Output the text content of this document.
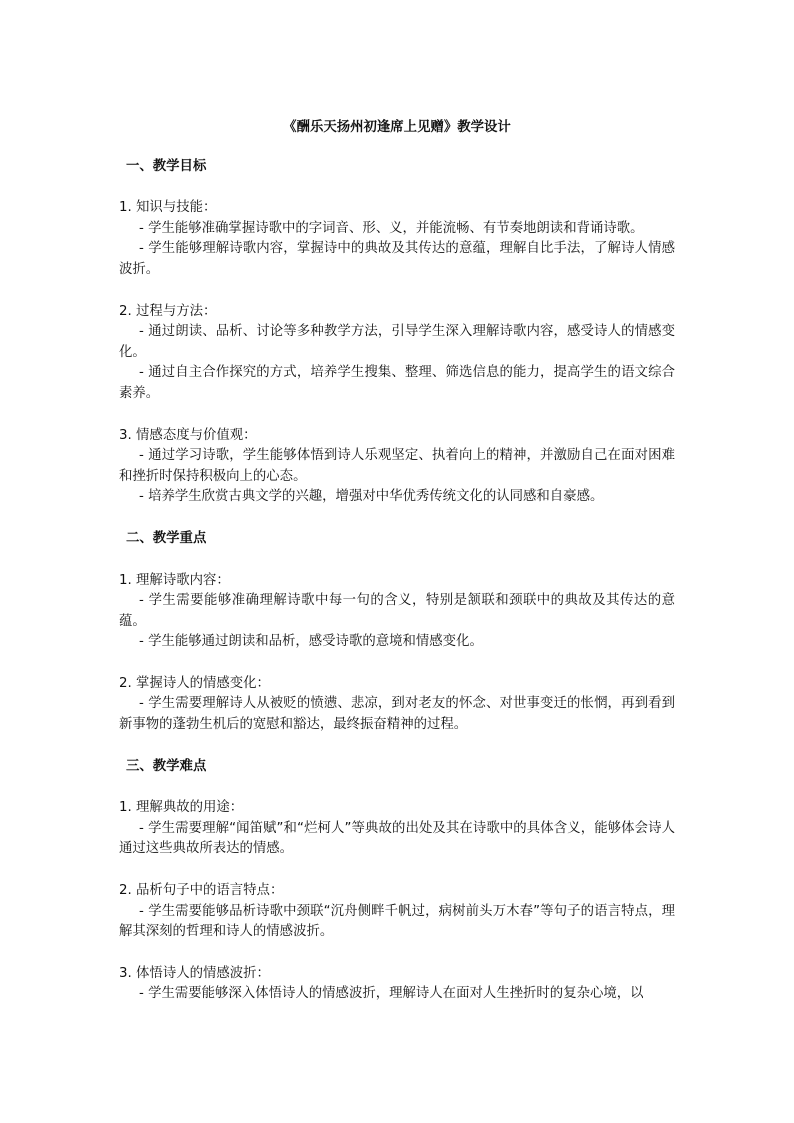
《酬乐天扬州初逢席上见赠》教学设计
一、教学目标

1. 知识与技能：

- 学生能够准确掌握诗歌中的字词音、形、义，并能流畅、有节奏地朗读和背诵诗歌。

- 学生能够理解诗歌内容，掌握诗中的典故及其传达的意蕴，理解自比手法，了解诗人情感波折。

2. 过程与方法：

- 通过朗读、品析、讨论等多种教学方法，引导学生深入理解诗歌内容，感受诗人的情感变化。

- 通过自主合作探究的方式，培养学生搜集、整理、筛选信息的能力，提高学生的语文综合素养。

3. 情感态度与价值观：

- 通过学习诗歌，学生能够体悟到诗人乐观坚定、执着向上的精神，并激励自己在面对困难和挫折时保持积极向上的心态。

- 培养学生欣赏古典文学的兴趣，增强对中华优秀传统文化的认同感和自豪感。

二、教学重点

1. 理解诗歌内容：

- 学生需要能够准确理解诗歌中每一句的含义，特别是颔联和颈联中的典故及其传达的意蕴。

- 学生能够通过朗读和品析，感受诗歌的意境和情感变化。

2. 掌握诗人的情感变化：

- 学生需要理解诗人从被贬的愤懑、悲凉，到对老友的怀念、对世事变迁的怅惘，再到看到新事物的蓬勃生机后的宽慰和豁达，最终振奋精神的过程。

三、教学难点

1. 理解典故的用途：

- 学生需要理解“闻笛赋”和“烂柯人”等典故的出处及其在诗歌中的具体含义，能够体会诗人通过这些典故所表达的情感。

2. 品析句子中的语言特点：

- 学生需要能够品析诗歌中颈联“沉舟侧畔千帆过，病树前头万木春”等句子的语言特点，理解其深刻的哲理和诗人的情感波折。

3. 体悟诗人的情感波折：

- 学生需要能够深入体悟诗人的情感波折，理解诗人在面对人生挫折时的复杂心境，以
